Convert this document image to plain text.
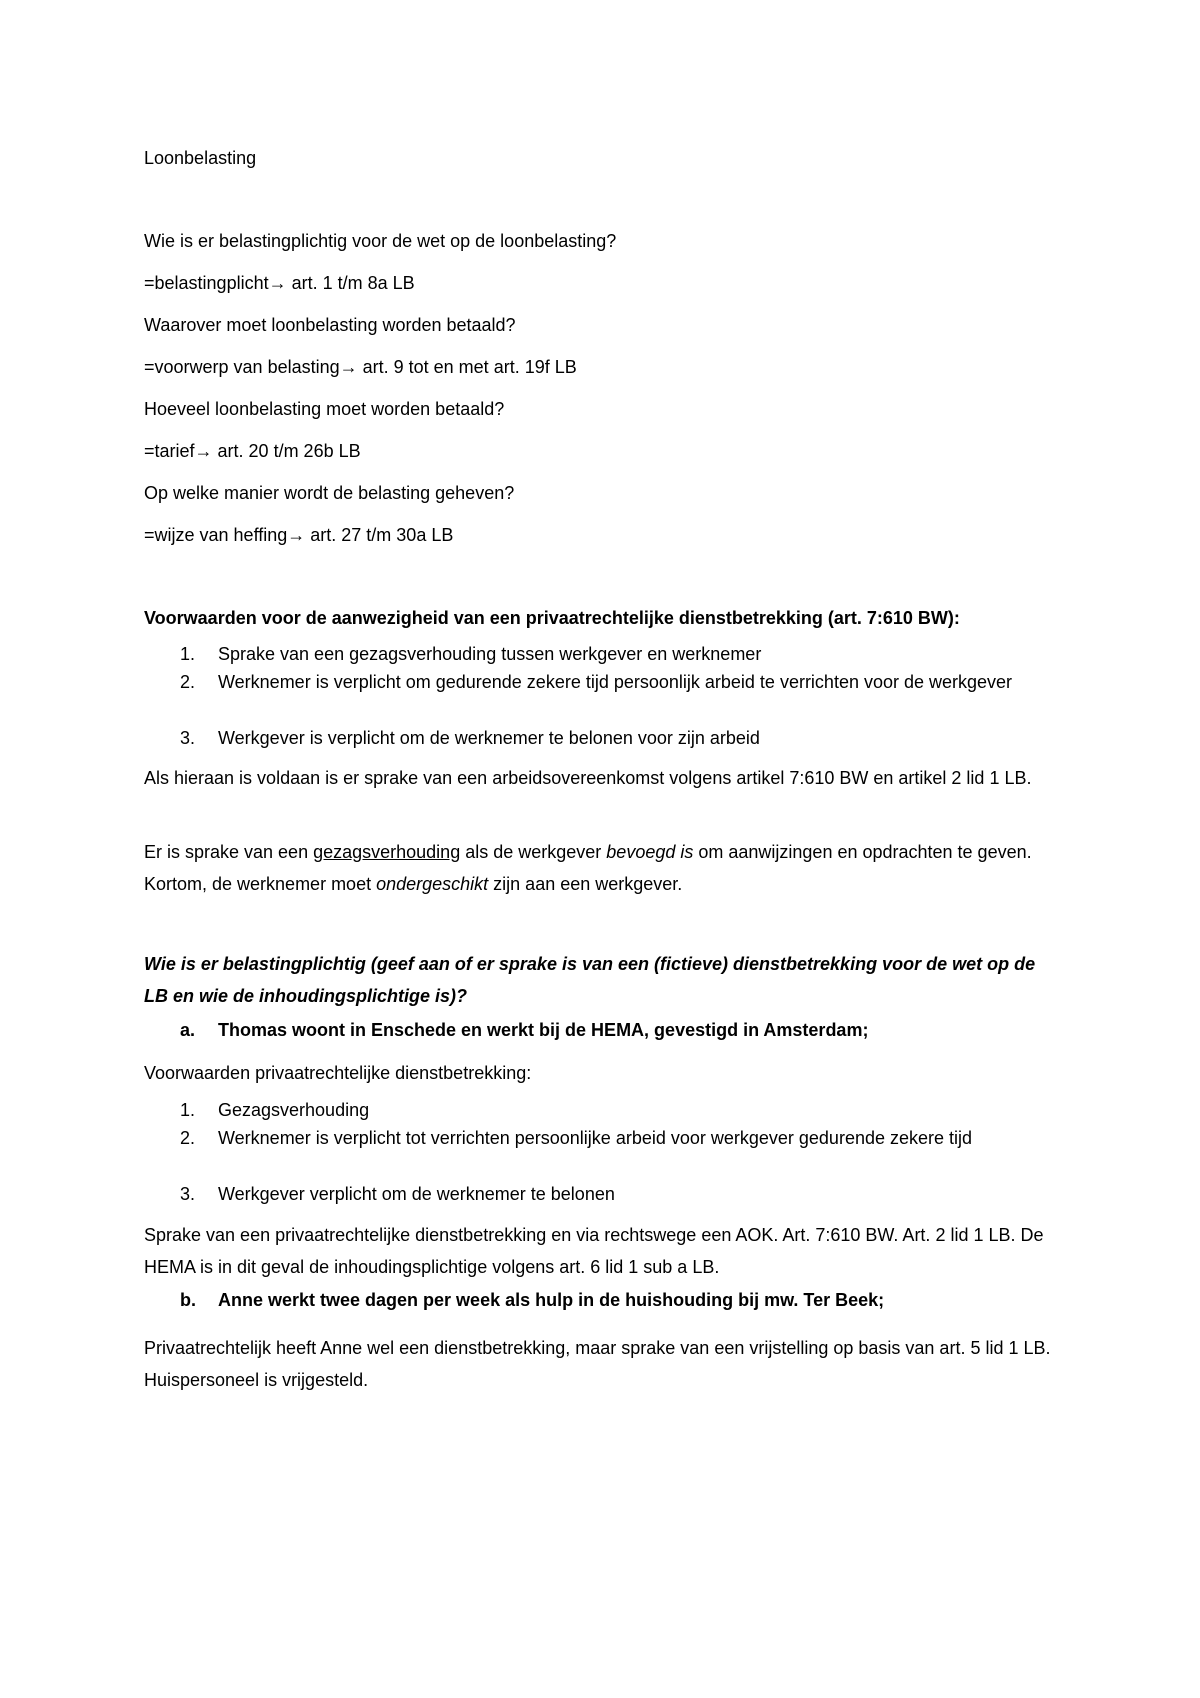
Loonbelasting
Wie is er belastingplichtig voor de wet op de loonbelasting?
=belastingplicht→ art. 1 t/m 8a LB
Waarover moet loonbelasting worden betaald?
=voorwerp van belasting→ art. 9 tot en met art. 19f LB
Hoeveel loonbelasting moet worden betaald?
=tarief→ art. 20 t/m 26b LB
Op welke manier wordt de belasting geheven?
=wijze van heffing→ art. 27 t/m 30a LB
Voorwaarden voor de aanwezigheid van een privaatrechtelijke dienstbetrekking (art. 7:610 BW):
1.	Sprake van een gezagsverhouding tussen werkgever en werknemer
2.	Werknemer is verplicht om gedurende zekere tijd persoonlijk arbeid te verrichten voor de werkgever
3.	Werkgever is verplicht om de werknemer te belonen voor zijn arbeid
Als hieraan is voldaan is er sprake van een arbeidsovereenkomst volgens artikel 7:610 BW en artikel 2 lid 1 LB.
Er is sprake van een gezagsverhouding als de werkgever bevoegd is om aanwijzingen en opdrachten te geven. Kortom, de werknemer moet ondergeschikt zijn aan een werkgever.
Wie is er belastingplichtig (geef aan of er sprake is van een (fictieve) dienstbetrekking voor de wet op de LB en wie de inhoudingsplichtige is)?
a.	Thomas woont in Enschede en werkt bij de HEMA, gevestigd in Amsterdam;
Voorwaarden privaatrechtelijke dienstbetrekking:
1.	Gezagsverhouding
2.	Werknemer is verplicht tot verrichten persoonlijke arbeid voor werkgever gedurende zekere tijd
3.	Werkgever verplicht om de werknemer te belonen
Sprake van een privaatrechtelijke dienstbetrekking en via rechtswege een AOK. Art. 7:610 BW. Art. 2 lid 1 LB. De HEMA is in dit geval de inhoudingsplichtige volgens art. 6 lid 1 sub a LB.
b.	Anne werkt twee dagen per week als hulp in de huishouding bij mw. Ter Beek;
Privaatrechtelijk heeft Anne wel een dienstbetrekking, maar sprake van een vrijstelling op basis van art. 5 lid 1 LB. Huispersoneel is vrijgesteld.
